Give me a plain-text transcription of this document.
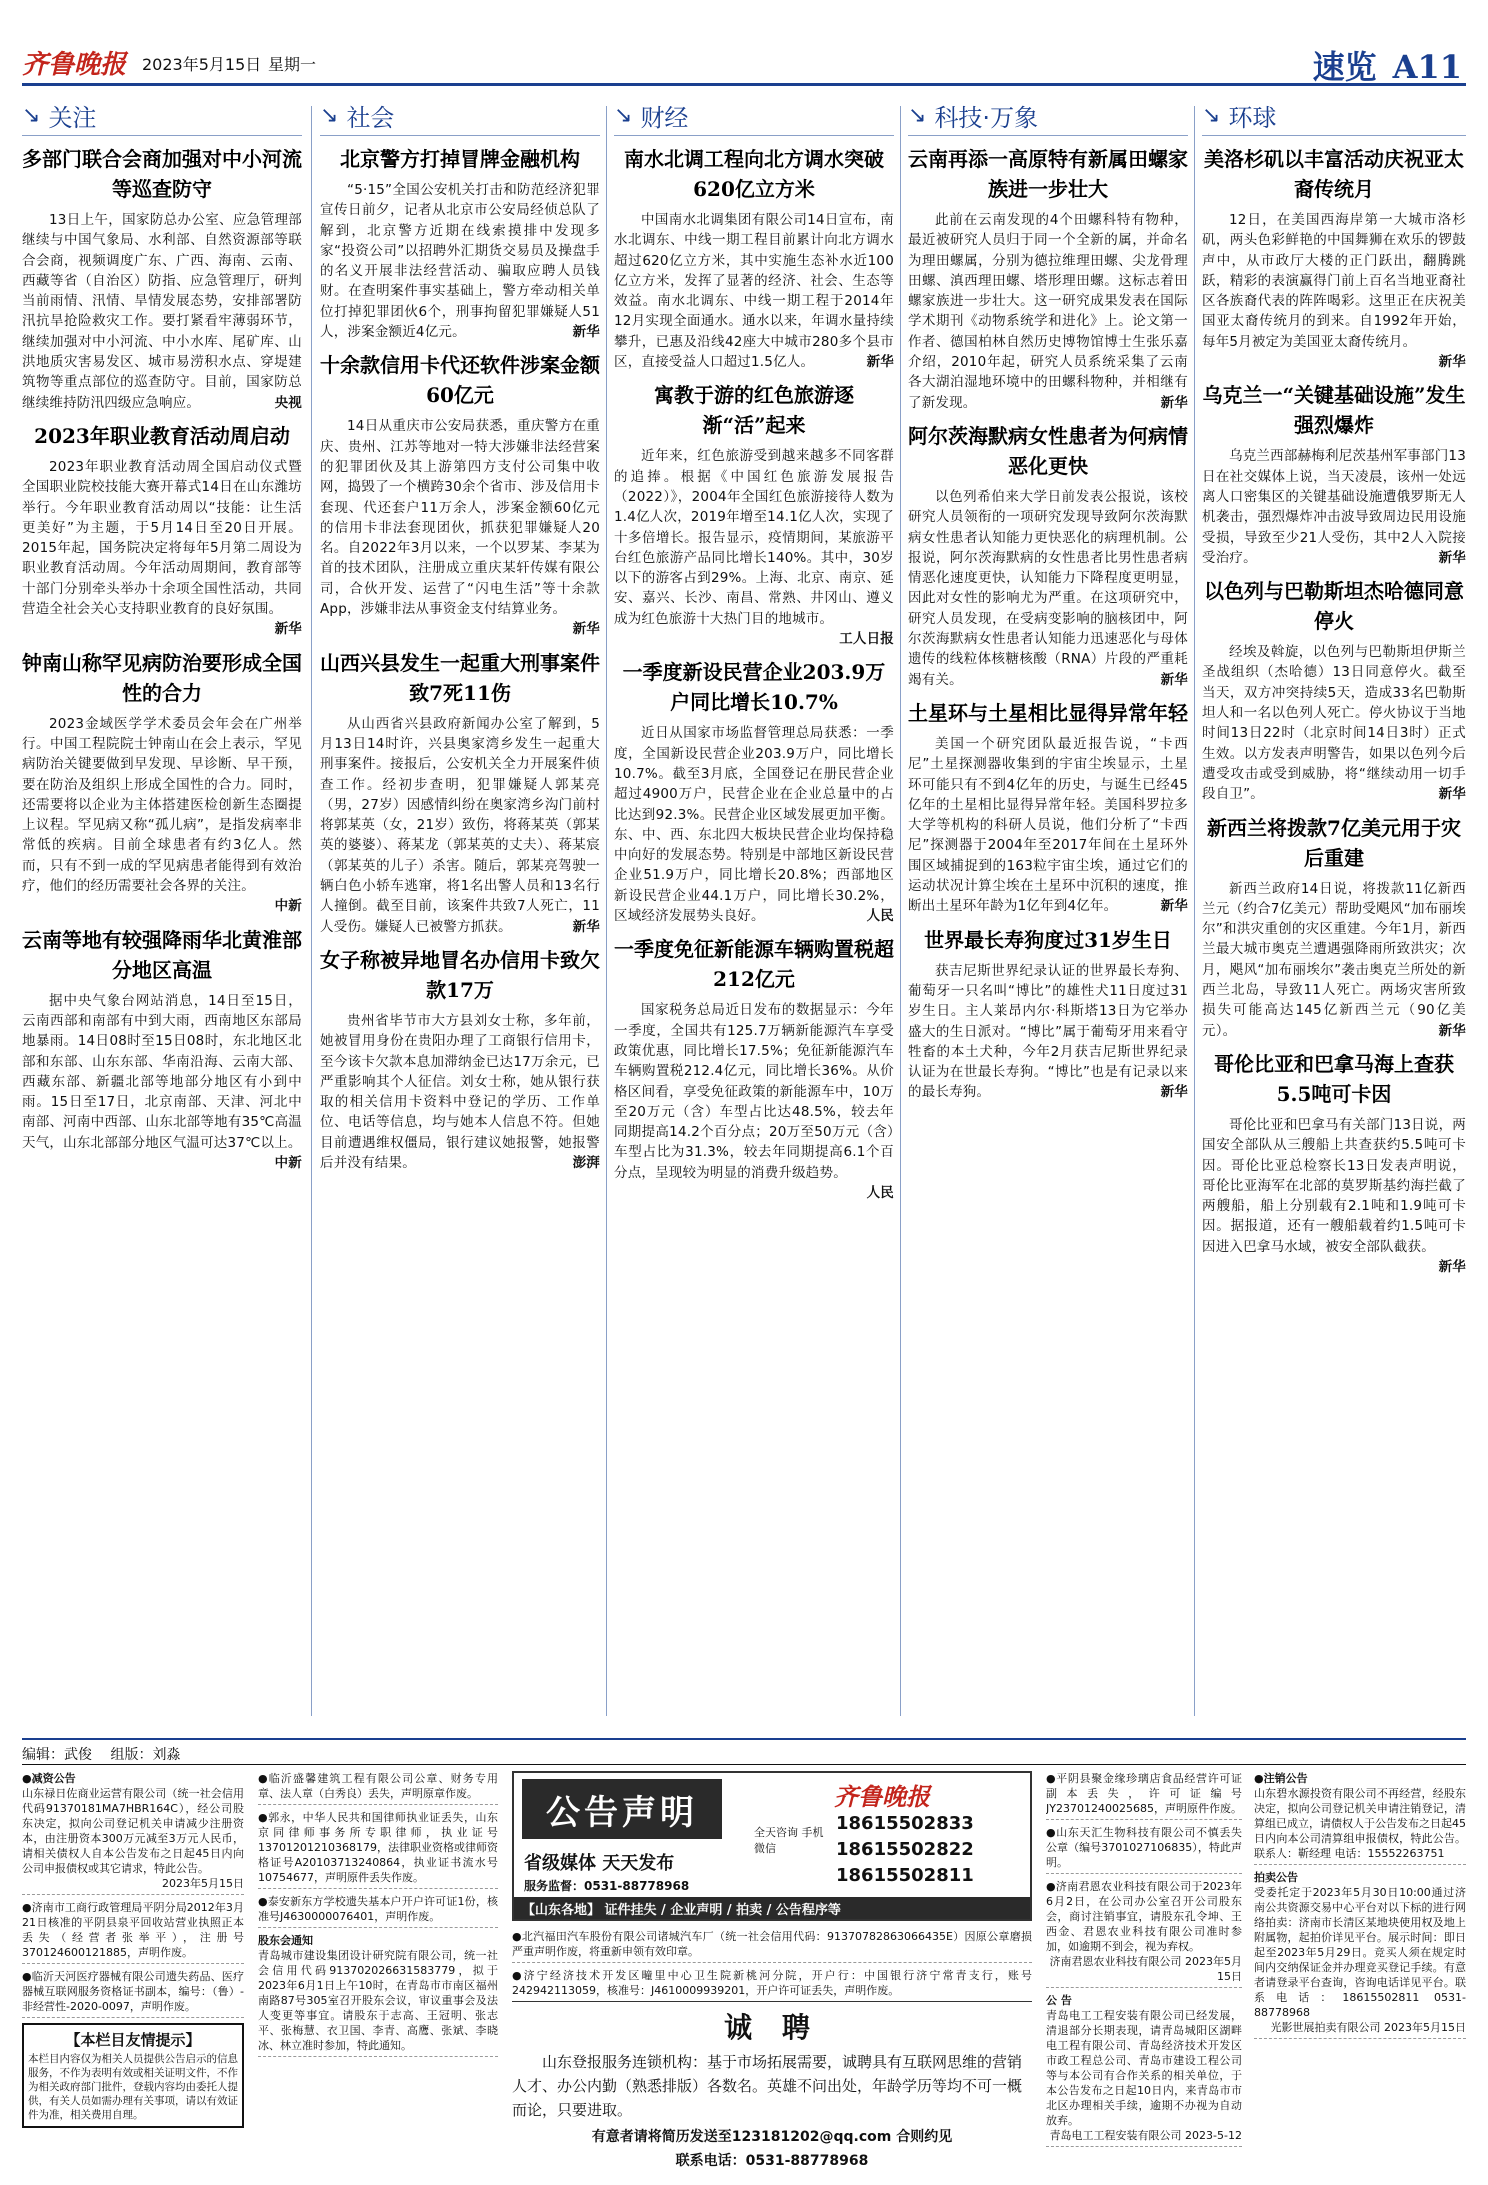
齐鲁晚报 2023年5月15日 星期一	速览 A11
↘ 关注
多部门联合会商加强对中小河流等巡查防守
13日上午，国家防总办公室、应急管理部继续与中国气象局、水利部、自然资源部等联合会商，视频调度广东、广西、海南、云南、西藏等省（自治区）防指、应急管理厅，研判当前雨情、汛情、旱情发展态势，安排部署防汛抗旱抢险救灾工作。要打紧看牢薄弱环节，继续加强对中小河流、中小水库、尾矿库、山洪地质灾害易发区、城市易涝积水点、穿堤建筑物等重点部位的巡查防守。目前，国家防总继续维持防汛四级应急响应。	央视
2023年职业教育活动周启动
2023年职业教育活动周全国启动仪式暨全国职业院校技能大赛开幕式14日在山东潍坊举行。今年职业教育活动周以“技能：让生活更美好”为主题，于5月14日至20日开展。2015年起，国务院决定将每年5月第二周设为职业教育活动周。今年活动周期间，教育部等十部门分别牵头举办十余项全国性活动，共同营造全社会关心支持职业教育的良好氛围。
新华
钟南山称罕见病防治要形成全国性的合力
2023金域医学学术委员会年会在广州举行。中国工程院院士钟南山在会上表示，罕见病防治关键要做到早发现、早诊断、早干预，要在防治及组织上形成全国性的合力。同时，还需要将以企业为主体搭建医检创新生态圈提上议程。罕见病又称“孤儿病”，是指发病率非常低的疾病。目前全球患者有约3亿人。然而，只有不到一成的罕见病患者能得到有效治疗，他们的经历需要社会各界的关注。
中新
云南等地有较强降雨华北黄淮部分地区高温
据中央气象台网站消息，14日至15日，云南西部和南部有中到大雨，西南地区东部局地暴雨。14日08时至15日08时，东北地区北部和东部、山东东部、华南沿海、云南大部、西藏东部、新疆北部等地部分地区有小到中雨。15日至17日，北京南部、天津、河北中南部、河南中西部、山东北部等地有35℃高温天气，山东北部部分地区气温可达37℃以上。
中新
↘ 社会
北京警方打掉冒牌金融机构
“5·15”全国公安机关打击和防范经济犯罪宣传日前夕，记者从北京市公安局经侦总队了解到，北京警方近期在线索摸排中发现多家“投资公司”以招聘外汇期货交易员及操盘手的名义开展非法经营活动、骗取应聘人员钱财。在查明案件事实基础上，警方牵动相关单位打掉犯罪团伙6个，刑事拘留犯罪嫌疑人51人，涉案金额近4亿元。	新华
十余款信用卡代还软件涉案金额60亿元
14日从重庆市公安局获悉，重庆警方在重庆、贵州、江苏等地对一特大涉嫌非法经营案的犯罪团伙及其上游第四方支付公司集中收网，捣毁了一个横跨30余个省市、涉及信用卡套现、代还套户11万余人，涉案金额60亿元的信用卡非法套现团伙，抓获犯罪嫌疑人20名。自2022年3月以来，一个以罗某、李某为首的技术团队，注册成立重庆某轩传媒有限公司，合伙开发、运营了“闪电生活”等十余款App，涉嫌非法从事资金支付结算业务。
新华
山西兴县发生一起重大刑事案件致7死11伤
从山西省兴县政府新闻办公室了解到，5月13日14时许，兴县奥家湾乡发生一起重大刑事案件。接报后，公安机关全力开展案件侦查工作。经初步查明，犯罪嫌疑人郭某亮（男，27岁）因感情纠纷在奥家湾乡沟门前村将郭某英（女，21岁）致伤，将蒋某英（郭某英的婆婆）、蒋某龙（郭某英的丈夫）、蒋某宸（郭某英的儿子）杀害。随后，郭某亮驾驶一辆白色小轿车逃窜，将1名出警人员和13名行人撞倒。截至目前，该案件共致7人死亡，11人受伤。嫌疑人已被警方抓获。	新华
女子称被异地冒名办信用卡致欠款17万
贵州省毕节市大方县刘女士称，多年前，她被冒用身份在贵阳办理了工商银行信用卡，至今该卡欠款本息加滞纳金已达17万余元，已严重影响其个人征信。刘女士称，她从银行获取的相关信用卡资料中登记的学历、工作单位、电话等信息，均与她本人信息不符。但她目前遭遇维权僵局，银行建议她报警，她报警后并没有结果。	澎湃
↘ 财经
南水北调工程向北方调水突破620亿立方米
中国南水北调集团有限公司14日宣布，南水北调东、中线一期工程目前累计向北方调水超过620亿立方米，其中实施生态补水近100亿立方米，发挥了显著的经济、社会、生态等效益。南水北调东、中线一期工程于2014年12月实现全面通水。通水以来，年调水量持续攀升，已惠及沿线42座大中城市280多个县市区，直接受益人口超过1.5亿人。	新华
寓教于游的红色旅游逐渐“活”起来
近年来，红色旅游受到越来越多不同客群的追捧。根据《中国红色旅游发展报告（2022）》，2004年全国红色旅游接待人数为1.4亿人次，2019年增至14.1亿人次，实现了十多倍增长。报告显示，疫情期间，某旅游平台红色旅游产品同比增长140%。其中，30岁以下的游客占到29%。上海、北京、南京、延安、嘉兴、长沙、南昌、常熟、井冈山、遵义成为红色旅游十大热门目的地城市。
工人日报
一季度新设民营企业203.9万户同比增长10.7%
近日从国家市场监督管理总局获悉：一季度，全国新设民营企业203.9万户，同比增长10.7%。截至3月底，全国登记在册民营企业超过4900万户，民营企业在企业总量中的占比达到92.3%。民营企业区域发展更加平衡。东、中、西、东北四大板块民营企业均保持稳中向好的发展态势。特别是中部地区新设民营企业51.9万户，同比增长20.8%；西部地区新设民营企业44.1万户，同比增长30.2%，区域经济发展势头良好。	人民
一季度免征新能源车辆购置税超212亿元
国家税务总局近日发布的数据显示：今年一季度，全国共有125.7万辆新能源汽车享受政策优惠，同比增长17.5%；免征新能源汽车车辆购置税212.4亿元，同比增长36%。从价格区间看，享受免征政策的新能源车中，10万至20万元（含）车型占比达48.5%，较去年同期提高14.2个百分点；20万至50万元（含）车型占比为31.3%，较去年同期提高6.1个百分点，呈现较为明显的消费升级趋势。
人民
↘ 科技·万象
云南再添一高原特有新属田螺家族进一步壮大
此前在云南发现的4个田螺科特有物种，最近被研究人员归于同一个全新的属，并命名为理田螺属，分别为德拉维理田螺、尖龙骨理田螺、滇西理田螺、塔形理田螺。这标志着田螺家族进一步壮大。这一研究成果发表在国际学术期刊《动物系统学和进化》上。论文第一作者、德国柏林自然历史博物馆博士生张乐嘉介绍，2010年起，研究人员系统采集了云南各大湖泊湿地环境中的田螺科物种，并相继有了新发现。	新华
阿尔茨海默病女性患者为何病情恶化更快
以色列希伯来大学日前发表公报说，该校研究人员领衔的一项研究发现导致阿尔茨海默病女性患者认知能力更快恶化的病理机制。公报说，阿尔茨海默病的女性患者比男性患者病情恶化速度更快，认知能力下降程度更明显，因此对女性的影响尤为严重。在这项研究中，研究人员发现，在受病变影响的脑核团中，阿尔茨海默病女性患者认知能力迅速恶化与母体遗传的线粒体核糖核酸（RNA）片段的严重耗竭有关。	新华
土星环与土星相比显得异常年轻
美国一个研究团队最近报告说，“卡西尼”土星探测器收集到的宇宙尘埃显示，土星环可能只有不到4亿年的历史，与诞生已经45亿年的土星相比显得异常年轻。美国科罗拉多大学等机构的科研人员说，他们分析了“卡西尼”探测器于2004年至2017年间在土星环外围区域捕捉到的163粒宇宙尘埃，通过它们的运动状况计算尘埃在土星环中沉积的速度，推断出土星环年龄为1亿年到4亿年。	新华
世界最长寿狗度过31岁生日
获吉尼斯世界纪录认证的世界最长寿狗、葡萄牙一只名叫“博比”的雄性犬11日度过31岁生日。主人莱昂内尔·科斯塔13日为它举办盛大的生日派对。“博比”属于葡萄牙用来看守牲畜的本土犬种，今年2月获吉尼斯世界纪录认证为在世最长寿狗。“博比”也是有记录以来的最长寿狗。	新华
↘ 环球
美洛杉矶以丰富活动庆祝亚太裔传统月
12日，在美国西海岸第一大城市洛杉矶，两头色彩鲜艳的中国舞狮在欢乐的锣鼓声中，从市政厅大楼的正门跃出，翻腾跳跃，精彩的表演赢得门前上百名当地亚裔社区各族裔代表的阵阵喝彩。这里正在庆祝美国亚太裔传统月的到来。自1992年开始，每年5月被定为美国亚太裔传统月。
新华
乌克兰一“关键基础设施”发生强烈爆炸
乌克兰西部赫梅利尼茨基州军事部门13日在社交媒体上说，当天凌晨，该州一处远离人口密集区的关键基础设施遭俄罗斯无人机袭击，强烈爆炸冲击波导致周边民用设施受损，导致至少21人受伤，其中2人入院接受治疗。	新华
以色列与巴勒斯坦杰哈德同意停火
经埃及斡旋，以色列与巴勒斯坦伊斯兰圣战组织（杰哈德）13日同意停火。截至当天，双方冲突持续5天，造成33名巴勒斯坦人和一名以色列人死亡。停火协议于当地时间13日22时（北京时间14日3时）正式生效。以方发表声明警告，如果以色列今后遭受攻击或受到威胁，将“继续动用一切手段自卫”。	新华
新西兰将拨款7亿美元用于灾后重建
新西兰政府14日说，将拨款11亿新西兰元（约合7亿美元）帮助受飓风“加布丽埃尔”和洪灾重创的灾区重建。今年1月，新西兰最大城市奥克兰遭遇强降雨所致洪灾；次月，飓风“加布丽埃尔”袭击奥克兰所处的新西兰北岛，导致11人死亡。两场灾害所致损失可能高达145亿新西兰元（90亿美元）。	新华
哥伦比亚和巴拿马海上查获5.5吨可卡因
哥伦比亚和巴拿马有关部门13日说，两国安全部队从三艘船上共查获约5.5吨可卡因。哥伦比亚总检察长13日发表声明说，哥伦比亚海军在北部的莫罗斯基约海拦截了两艘船，船上分别载有2.1吨和1.9吨可卡因。据报道，还有一艘船载着约1.5吨可卡因进入巴拿马水域，被安全部队截获。
新华
编辑：武俊 组版：刘淼
●减资公告
山东禄日佐商业运营有限公司（统一社会信用代码91370181MA7HBR164C），经公司股东决定，拟向公司登记机关申请减少注册资本，由注册资本300万元减至3万元人民币，请相关债权人自本公告发布之日起45日内向公司申报债权或其它请求，特此公告。
2023年5月15日
●济南市工商行政管理局平阴分局2012年3月21日核准的平阴县泉平回收站营业执照正本丢失（经营者张举平），注册号370124600121885，声明作废。
●临沂天河医疗器械有限公司遗失药品、医疗器械互联网服务资格证书副本，编号：（鲁）-非经营性-2020-0097，声明作废。
【本栏目友情提示】
本栏目内容仅为相关人员提供公告启示的信息服务，不作为表明有效或相关证明文件，不作为相关政府部门批件，登载内容均由委托人提供，有关人员如需办理有关事项，请以有效证件为准，相关费用自理。
●临沂盛馨建筑工程有限公司公章、财务专用章、法人章（白秀良）丢失，声明原章作废。
●郭永，中华人民共和国律师执业证丢失，山东京同律师事务所专职律师，执业证号13701201210368179，法律职业资格或律师资格证号A20103713240864，执业证书流水号10754677，声明原件丢失作废。
●泰安新东方学校遗失基本户开户许可证1份，核准号J4630000076401，声明作废。
股东会通知
青岛城市建设集团设计研究院有限公司，统一社会信用代码913702026631583779，拟于2023年6月1日上午10时，在青岛市市南区福州南路87号305室召开股东会议，审议重事会及法人变更等事宜。请股东于志高、王冠明、张志平、张梅慧、衣卫国、李青、高鹰、张斌、李晓冰、林立准时参加，特此通知。
公告声明
省级媒体 天天发布
服务监督：0531-88778968
齐鲁晚报
全天咨询 手机微信
18615502833
18615502822
18615502811
【山东各地】 证件挂失 / 企业声明 / 拍卖 / 公告程序等
●北汽福田汽车股份有限公司诸城汽车厂（统一社会信用代码：91370782863066435E）因原公章磨损严重声明作废，将重新申领有效印章。
●济宁经济技术开发区疃里中心卫生院新桃河分院，开户行：中国银行济宁常青支行，账号242942113059，核准号：J4610009939201，开户许可证丢失，声明作废。
诚 聘
山东登报服务连锁机构：基于市场拓展需要，诚聘具有互联网思维的营销人才、办公内勤（熟悉排版）各数名。英雄不问出处，年龄学历等均不可一概而论，只要进取。
有意者请将简历发送至123181202@qq.com 合则约见
联系电话：0531-88778968
●平阴县聚金缘珍璃店食品经营许可证副本丢失，许可证编号JY23701240025685，声明原件作废。
●山东天汇生物科技有限公司不慎丢失公章（编号3701027106835），特此声明。
●济南君恩农业科技有限公司于2023年6月2日，在公司办公室召开公司股东会，商讨注销事宜，请股东孔令坤、王西金、君恩农业科技有限公司准时参加，如逾期不到会，视为弃权。
济南君恩农业科技有限公司 2023年5月15日
公 告
青岛电工工程安装有限公司已经发展，清退部分长期表现，请青岛城阳区湖畔电工程有限公司、青岛经济技术开发区市政工程总公司、青岛市建设工程公司等与本公司有合作关系的相关单位，于本公告发布之日起10日内，来青岛市市北区办理相关手续，逾期不办视为自动放弃。
青岛电工工程安装有限公司 2023-5-12
●注销公告
山东碧水源投资有限公司不再经营，经股东决定，拟向公司登记机关申请注销登记，清算组已成立，请债权人于公告发布之日起45日内向本公司清算组申报债权，特此公告。联系人：靳经理 电话：15552263751
拍卖公告
受委托定于2023年5月30日10:00通过济南公共资源交易中心平台对以下标的进行网络拍卖：济南市长清区某地块使用权及地上附属物，起拍价详见平台。展示时间：即日起至2023年5月29日。竞买人须在规定时间内交纳保证金并办理竞买登记手续。有意者请登录平台查询，咨询电话详见平台。联系电话：18615502811 0531-88778968
光影世展拍卖有限公司 2023年5月15日
